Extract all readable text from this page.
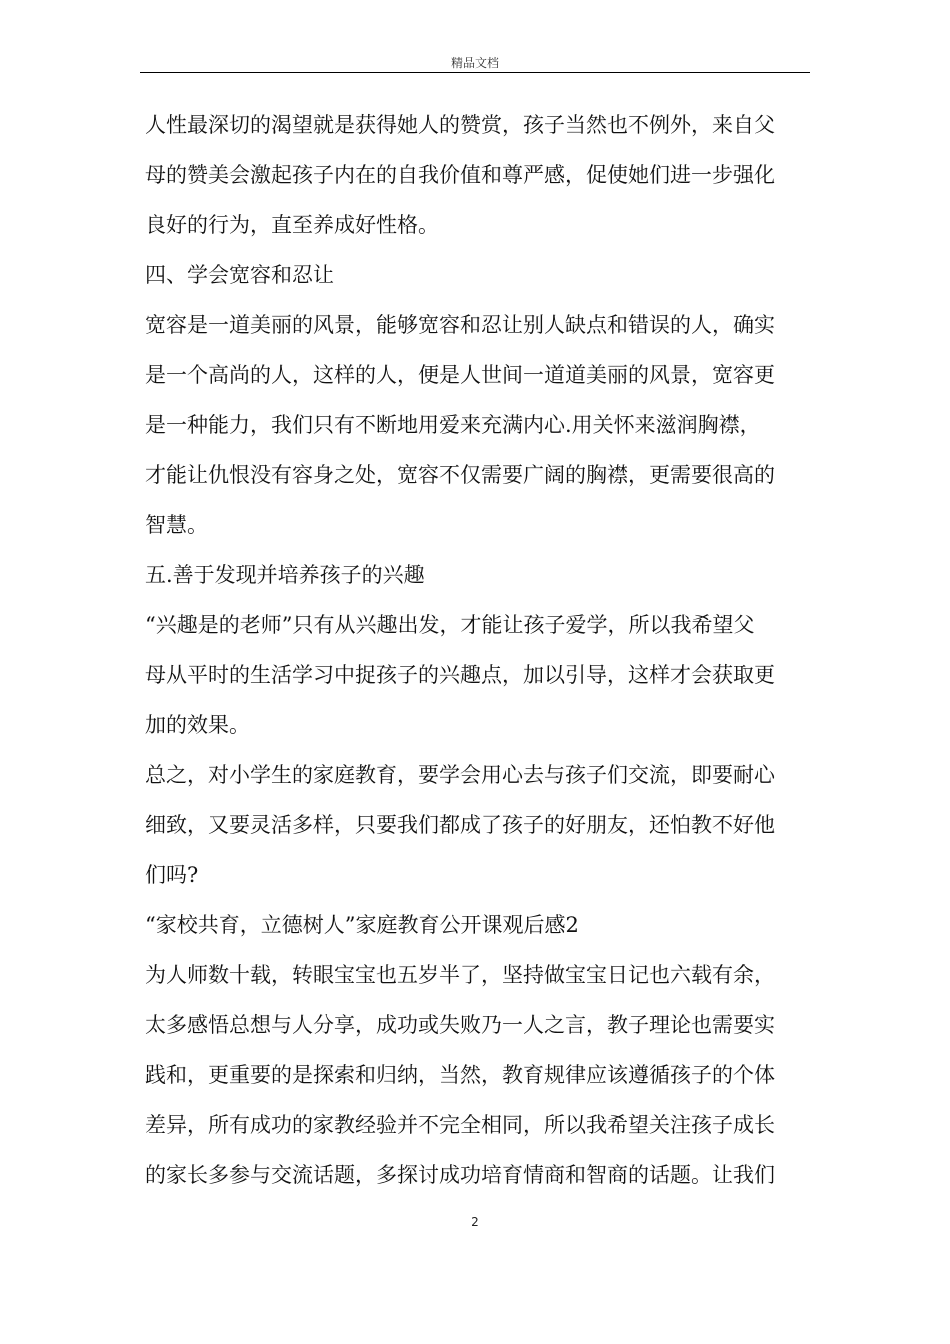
精品文档
人性最深切的渴望就是获得她人的赞赏，孩子当然也不例外，来自父
母的赞美会激起孩子内在的自我价值和尊严感，促使她们进一步强化
良好的行为，直至养成好性格。
四、学会宽容和忍让
宽容是一道美丽的风景，能够宽容和忍让别人缺点和错误的人，确实
是一个高尚的人，这样的人，便是人世间一道道美丽的风景，宽容更
是一种能力，我们只有不断地用爱来充满内心.用关怀来滋润胸襟，
才能让仇恨没有容身之处，宽容不仅需要广阔的胸襟，更需要很高的
智慧。
五.善于发现并培养孩子的兴趣
“兴趣是的老师”只有从兴趣出发，才能让孩子爱学，所以我希望父
母从平时的生活学习中捉孩子的兴趣点，加以引导，这样才会获取更
加的效果。
总之，对小学生的家庭教育，要学会用心去与孩子们交流，即要耐心
细致，又要灵活多样，只要我们都成了孩子的好朋友，还怕教不好他
们吗?
“家校共育，立德树人”家庭教育公开课观后感2
为人师数十载，转眼宝宝也五岁半了，坚持做宝宝日记也六载有余，
太多感悟总想与人分享，成功或失败乃一人之言，教子理论也需要实
践和，更重要的是探索和归纳，当然，教育规律应该遵循孩子的个体
差异，所有成功的家教经验并不完全相同，所以我希望关注孩子成长
的家长多参与交流话题，多探讨成功培育情商和智商的话题。让我们
2
